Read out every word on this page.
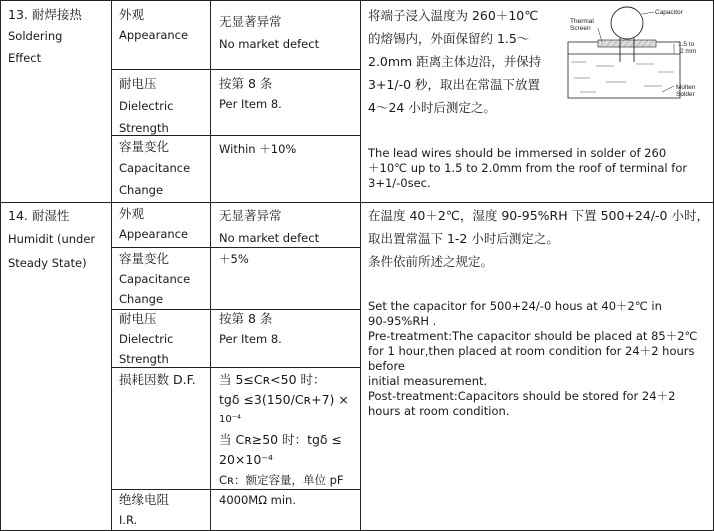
13. 耐焊接热
Soldering
Effect
外观
Appearance
无显著异常
No market defect
耐电压
Dielectric
Strength
按第 8 条
Per Item 8.
容量变化
Capacitance
Change
Within ＋10%
将端子浸入温度为 260＋10℃
的熔锡内，外面保留约 1.5～
2.0mm 距离主体边沿，并保持
3+1/-0 秒，取出在常温下放置
4～24 小时后测定之。
Capacitor
Thermal
Screen
1.5 to
2 mm
Molten
Solder
The lead wires should be immersed in solder of 260
＋10℃ up to 1.5 to 2.0mm from the roof of terminal for
3+1/-0sec.
14. 耐湿性
Humidit (under
Steady State)
外观
Appearance
无显著异常
No market defect
容量变化
Capacitance
Change
＋5%
耐电压
Dielectric
Strength
按第 8 条
Per Item 8.
损耗因数 D.F. 当 5≤Cʀ<50 时：
tgδ ≤3(150/Cʀ+7) ×
10⁻⁴
当 Cʀ≥50 时：tgδ ≤
20×10⁻⁴
Cʀ：额定容量，单位 pF
绝缘电阻
I.R.
4000MΩ min.
在温度 40＋2℃，湿度 90-95%RH 下置 500+24/-0 小时，
取出置常温下 1-2 小时后测定之。
条件依前所述之规定。
Set the capacitor for 500+24/-0 hous at 40＋2℃ in
90-95%RH .
Pre-treatment:The capacitor should be placed at 85＋2℃
for 1 hour,then placed at room condition for 24＋2 hours
before
initial measurement.
Post-treatment:Capacitors should be stored for 24＋2
hours at room condition.
